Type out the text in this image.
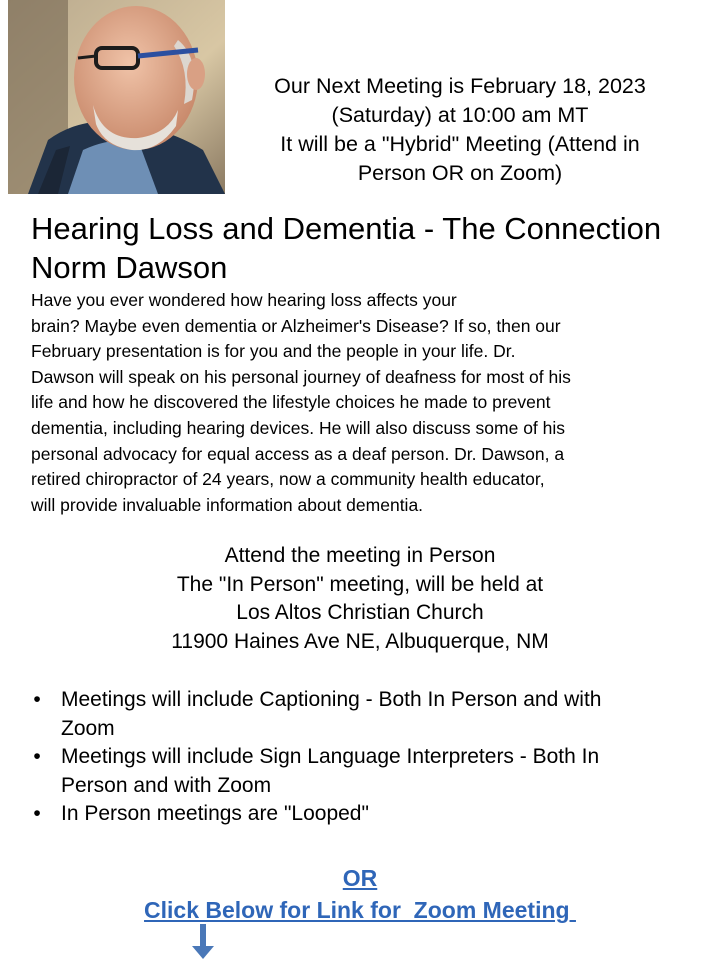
Our Next Meeting is February 18, 2023
(Saturday) at 10:00 am MT
It will be a "Hybrid" Meeting (Attend in
Person OR on Zoom)
Hearing Loss and Dementia - The Connection
Norm Dawson
Have you ever wondered how hearing loss affects your
brain? Maybe even dementia or Alzheimer's Disease? If so, then our
February presentation is for you and the people in your life. Dr.
Dawson will speak on his personal journey of deafness for most of his
life and how he discovered the lifestyle choices he made to prevent
dementia, including hearing devices. He will also discuss some of his
personal advocacy for equal access as a deaf person. Dr. Dawson, a
retired chiropractor of 24 years, now a community health educator,
will provide invaluable information about dementia.
Attend the meeting in Person
The "In Person" meeting, will be held at
Los Altos Christian Church
11900 Haines Ave NE, Albuquerque, NM
• Meetings will include Captioning - Both In Person and with
Zoom
• Meetings will include Sign Language Interpreters - Both In
Person and with Zoom
• In Person meetings are "Looped"
OR
Click Below for Link for  Zoom Meeting
